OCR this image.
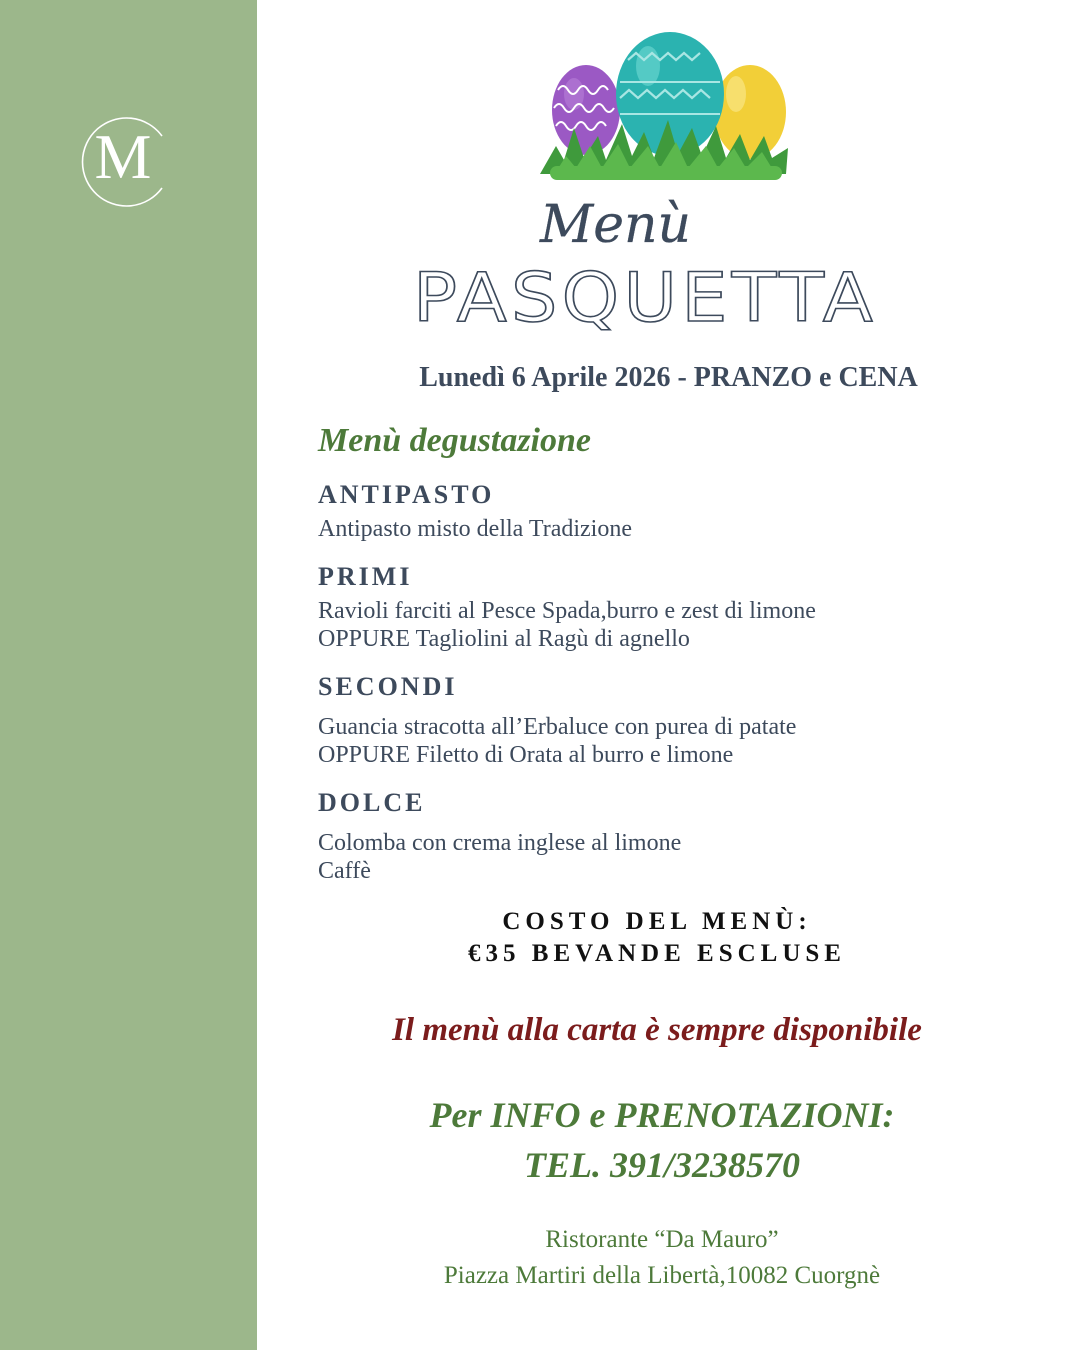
M
Menù
PASQUETTA

Lunedì 6 Aprile 2026 - PRANZO e CENA

Menù degustazione

ANTIPASTO

Antipasto misto della Tradizione

PRIMI

Ravioli farciti al Pesce Spada,burro e zest di limone

OPPURE Tagliolini al Ragù di agnello

SECONDI

Guancia stracotta all’Erbaluce con purea di patate

OPPURE Filetto di Orata al burro e limone

DOLCE

Colomba con crema inglese al limone

Caffè

COSTO DEL MENÙ:

€35 BEVANDE ESCLUSE

Il menù alla carta è sempre disponibile

Per INFO e PRENOTAZIONI:

TEL. 391/3238570

Ristorante “Da Mauro”

Piazza Martiri della Libertà,10082 Cuorgnè
